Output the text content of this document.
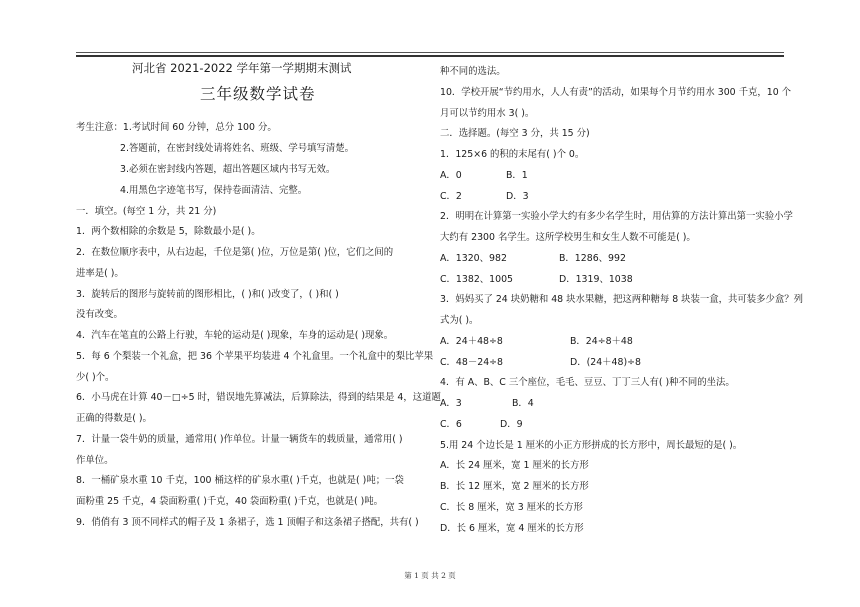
河北省 2021-2022 学年第一学期期末测试
三年级数学试卷
考生注意：1.考试时间 60 分钟，总分 100 分。
2.答题前，在密封线处请将姓名、班级、学号填写清楚。
3.必须在密封线内答题，超出答题区域内书写无效。
4.用黑色字迹笔书写，保持卷面清洁、完整。
一．填空。(每空 1 分，共 21 分)
1．两个数相除的余数是 5，除数最小是( )。
2．在数位顺序表中，从右边起，千位是第( )位，万位是第( )位，它们之间的
进率是( )。
3．旋转后的图形与旋转前的图形相比，( )和( )改变了，( )和( )
没有改变。
4．汽车在笔直的公路上行驶，车轮的运动是( )现象，车身的运动是( )现象。
5．每 6 个梨装一个礼盒，把 36 个苹果平均装进 4 个礼盒里。一个礼盒中的梨比苹果
少( )个。
6．小马虎在计算 40－□÷5 时，错误地先算减法，后算除法，得到的结果是 4，这道题
正确的得数是( )。
7．计量一袋牛奶的质量，通常用( )作单位。计量一辆货车的载质量，通常用( )
作单位。
8．一桶矿泉水重 10 千克，100 桶这样的矿泉水重( )千克，也就是( )吨；一袋
面粉重 25 千克，4 袋面粉重( )千克，40 袋面粉重( )千克，也就是( )吨。
9．俏俏有 3 顶不同样式的帽子及 1 条裙子，选 1 顶帽子和这条裙子搭配，共有( )
种不同的选法。
10．学校开展“节约用水，人人有责”的活动，如果每个月节约用水 300 千克，10 个
月可以节约用水 3( )。
二．选择题。(每空 3 分，共 15 分)
1．125×6 的积的末尾有( )个 0。
A．0	B．1
C．2	D．3
2．明明在计算第一实验小学大约有多少名学生时，用估算的方法计算出第一实验小学
大约有 2300 名学生。这所学校男生和女生人数不可能是( )。
A．1320、982	B．1286、992
C．1382、1005	D．1319、1038
3．妈妈买了 24 块奶糖和 48 块水果糖，把这两种糖每 8 块装一盒，共可装多少盒？列
式为( )。
A．24＋48÷8	B．24÷8＋48
C．48－24÷8	D．(24＋48)÷8
4．有 A、B、C 三个座位，毛毛、豆豆、丁丁三人有( )种不同的坐法。
A．3	B．4
C．6	D．9
5.用 24 个边长是 1 厘米的小正方形拼成的长方形中，周长最短的是( )。
A．长 24 厘米，宽 1 厘米的长方形
B．长 12 厘米，宽 2 厘米的长方形
C．长 8 厘米，宽 3 厘米的长方形
D．长 6 厘米，宽 4 厘米的长方形
第 1 页 共 2 页
